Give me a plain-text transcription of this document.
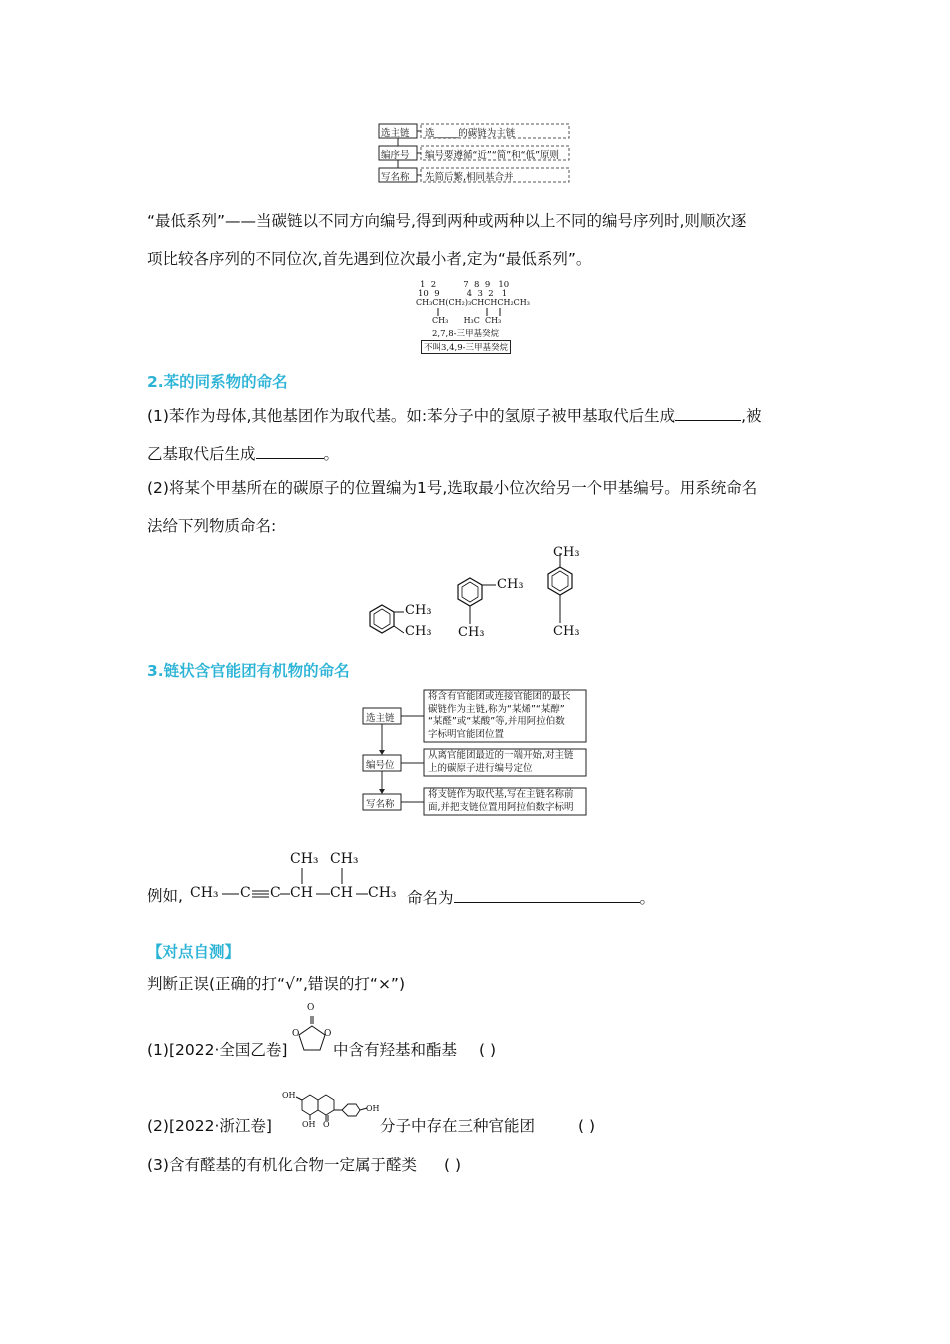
选主链
编序号
写名称
选_____的碳链为主链
编号要遵循“近”“简”和“低”原则
先简后繁,相同基合并
“最低系列”——当碳链以不同方向编号,得到两种或两种以上不同的编号序列时,则顺次逐
项比较各序列的不同位次,首先遇到位次最小者,定为“最低系列”。
1  2          7  8  9   10
10  9          4  3  2   1
CH₃CH(CH₂)₃CHCHCH₂CH₃
CH₃      H₃C  CH₃
2,7,8-三甲基癸烷
不叫3,4,9-三甲基癸烷
2.苯的同系物的命名
(1)苯作为母体,其他基团作为取代基。如:苯分子中的氢原子被甲基取代后生成	,被
乙基取代后生成	。
(2)将某个甲基所在的碳原子的位置编为1号,选取最小位次给另一个甲基编号。用系统命名
法给下列物质命名:
CH₃
CH₃
CH₃
CH₃
CH₃
CH₃
3.链状含官能团有机物的命名
选主链
编号位
写名称
将含有官能团或连接官能团的最长
碳链作为主链,称为“某烯”“某醇”
“某醛”或“某酸”等,并用阿拉伯数
字标明官能团位置
从离官能团最近的一端开始,对主链
上的碳原子进行编号定位
将支链作为取代基,写在主链名称前
面,并把支链位置用阿拉伯数字标明
例如, CH₃ C C CH CH CH₃
CH₃ CH₃
命名为	。
【对点自测】
判断正误(正确的打“√”,错误的打“×”)
(1)[2022·全国乙卷]
O
O	O
中含有羟基和酯基 ( )
(2)[2022·浙江卷]
OH
OH O
OH
分子中存在三种官能团	( )
(3)含有醛基的有机化合物一定属于醛类 ( )
